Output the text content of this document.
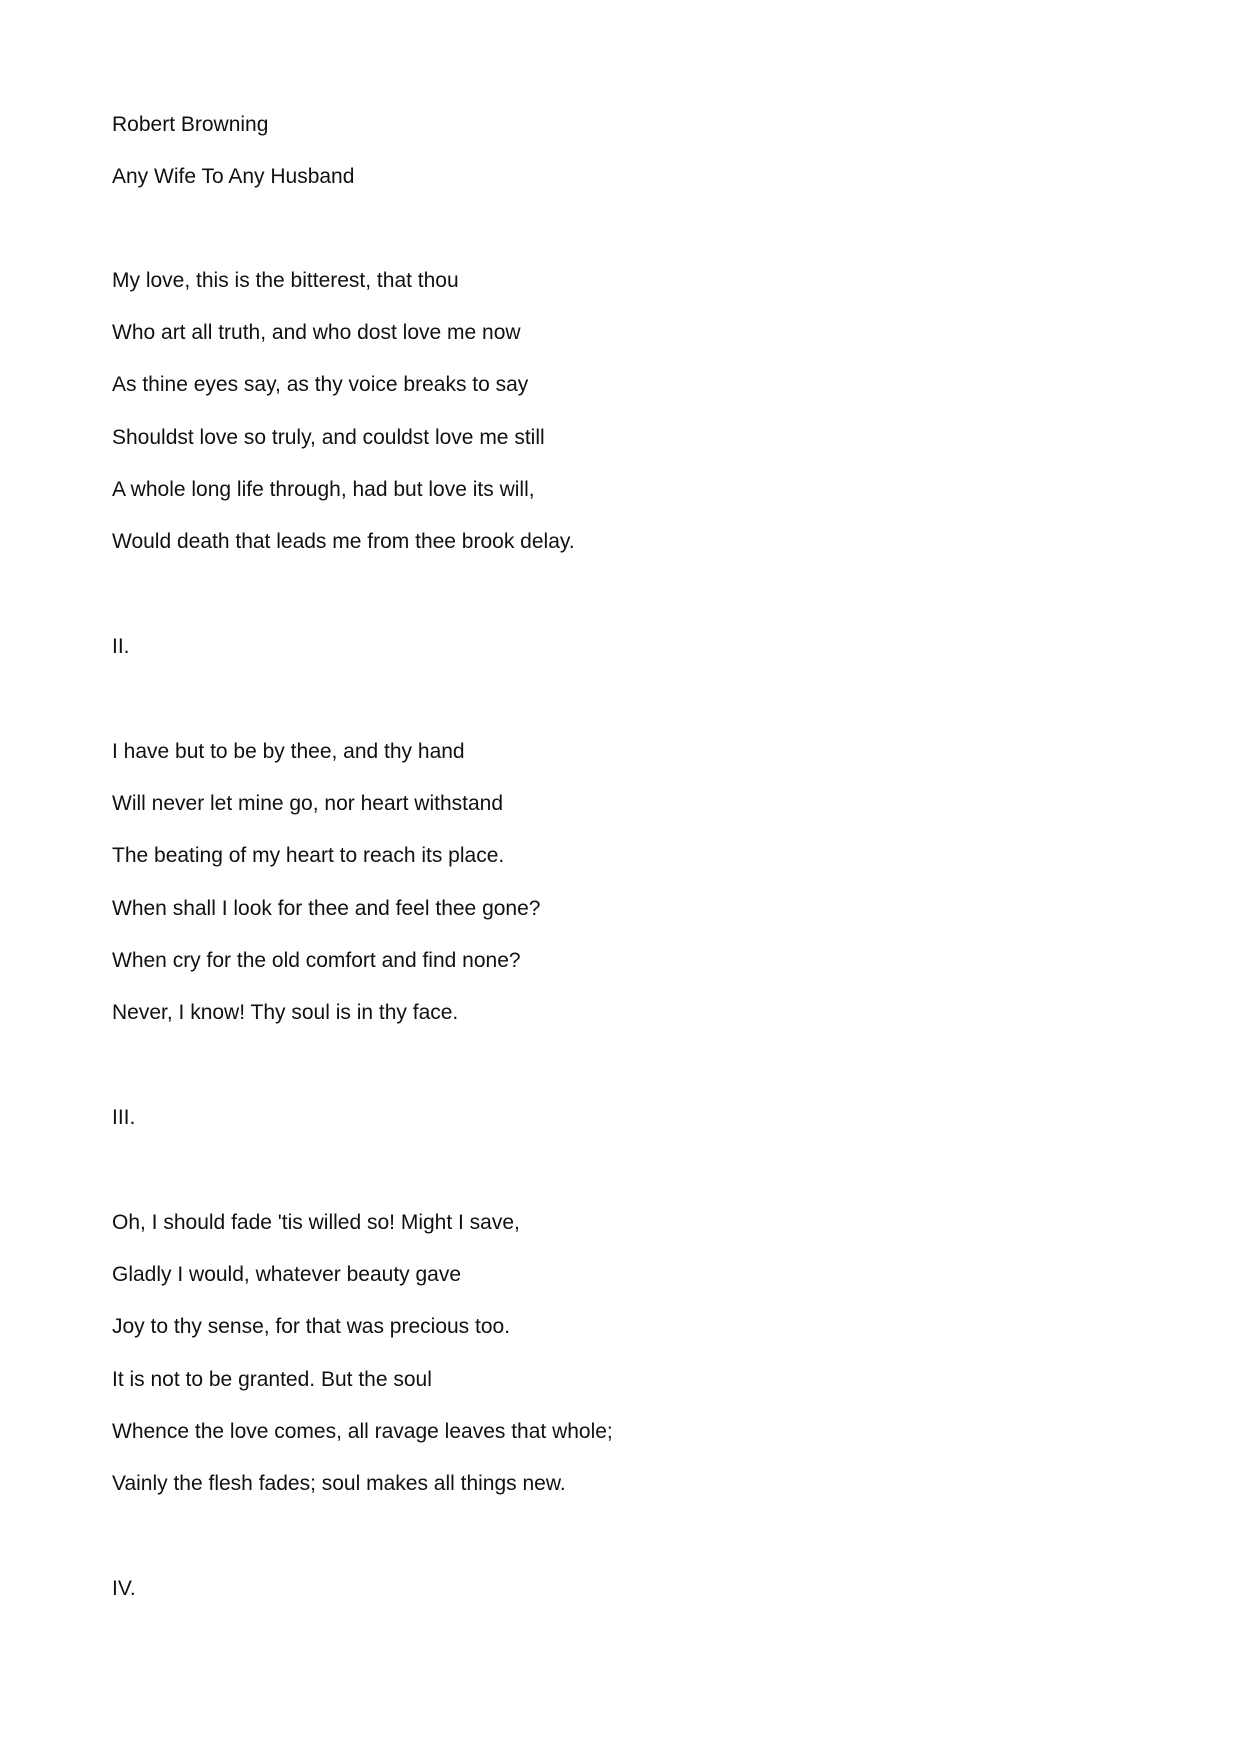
Robert Browning
Any Wife To Any Husband
My love, this is the bitterest, that thou
Who art all truth, and who dost love me now
As thine eyes say, as thy voice breaks to say
Shouldst love so truly, and couldst love me still
A whole long life through, had but love its will,
Would death that leads me from thee brook delay.
II.
I have but to be by thee, and thy hand
Will never let mine go, nor heart withstand
The beating of my heart to reach its place.
When shall I look for thee and feel thee gone?
When cry for the old comfort and find none?
Never, I know! Thy soul is in thy face.
III.
Oh, I should fade 'tis willed so! Might I save,
Gladly I would, whatever beauty gave
Joy to thy sense, for that was precious too.
It is not to be granted. But the soul
Whence the love comes, all ravage leaves that whole;
Vainly the flesh fades; soul makes all things new.
IV.
